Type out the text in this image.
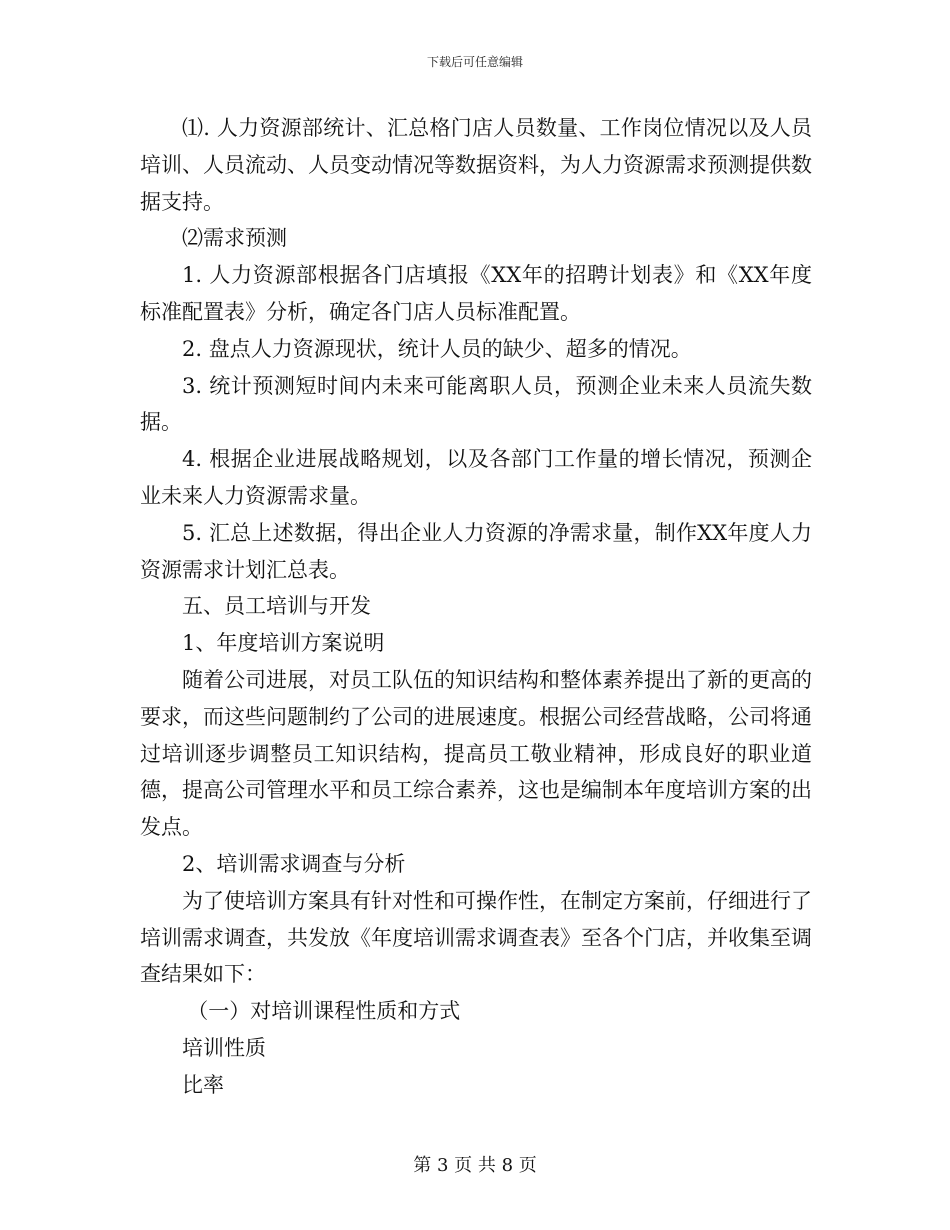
下载后可任意编辑

⑴. 人力资源部统计、汇总格门店人员数量、工作岗位情况以及人员培训、人员流动、人员变动情况等数据资料，为人力资源需求预测提供数据支持。

⑵需求预测

1. 人力资源部根据各门店填报《XX年的招聘计划表》和《XX年度标准配置表》分析，确定各门店人员标准配置。

2. 盘点人力资源现状，统计人员的缺少、超多的情况。

3. 统计预测短时间内未来可能离职人员，预测企业未来人员流失数据。

4. 根据企业进展战略规划，以及各部门工作量的增长情况，预测企业未来人力资源需求量。

5. 汇总上述数据，得出企业人力资源的净需求量，制作XX年度人力资源需求计划汇总表。

五、员工培训与开发

1、年度培训方案说明

随着公司进展，对员工队伍的知识结构和整体素养提出了新的更高的要求，而这些问题制约了公司的进展速度。根据公司经营战略，公司将通过培训逐步调整员工知识结构，提高员工敬业精神，形成良好的职业道德，提高公司管理水平和员工综合素养，这也是编制本年度培训方案的出发点。

2、培训需求调查与分析

为了使培训方案具有针对性和可操作性，在制定方案前，仔细进行了培训需求调查，共发放《年度培训需求调查表》至各个门店，并收集至调查结果如下：

（一）对培训课程性质和方式

培训性质

比率

第 3 页 共 8 页
